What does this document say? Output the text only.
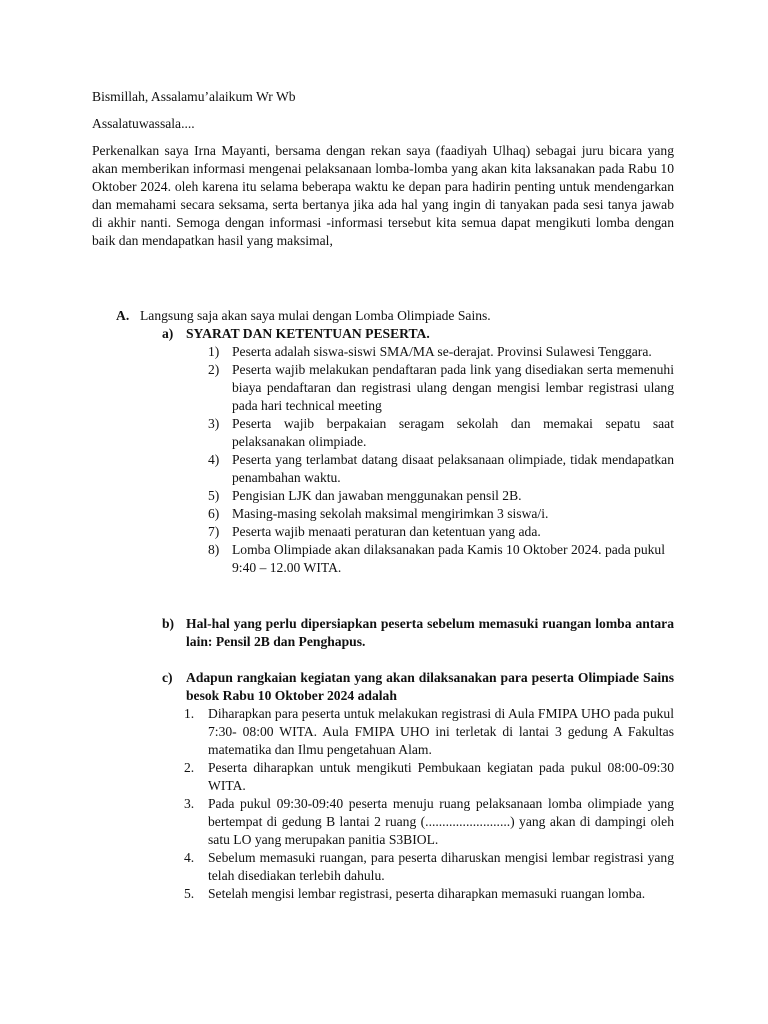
Bismillah, Assalamu’alaikum Wr Wb

Assalatuwassala....

Perkenalkan saya Irna Mayanti, bersama dengan rekan saya (faadiyah Ulhaq) sebagai juru bicara yang akan memberikan informasi mengenai pelaksanaan lomba-lomba yang akan kita laksanakan pada Rabu 10 Oktober 2024. oleh karena itu selama beberapa waktu ke depan para hadirin penting untuk mendengarkan dan memahami secara seksama, serta bertanya jika ada hal yang ingin di tanyakan pada sesi tanya jawab di akhir nanti. Semoga dengan informasi -informasi tersebut kita semua dapat mengikuti lomba dengan baik dan mendapatkan hasil yang maksimal,

A. Langsung saja akan saya mulai dengan Lomba Olimpiade Sains.

a) SYARAT DAN KETENTUAN PESERTA.

1) Peserta adalah siswa-siswi SMA/MA se-derajat. Provinsi Sulawesi Tenggara.
2) Peserta wajib melakukan pendaftaran pada link yang disediakan serta memenuhi biaya pendaftaran dan registrasi ulang dengan mengisi lembar registrasi ulang pada hari technical meeting
3) Peserta wajib berpakaian seragam sekolah dan memakai sepatu saat pelaksanakan olimpiade.
4) Peserta yang terlambat datang disaat pelaksanaan olimpiade, tidak mendapatkan penambahan waktu.
5) Pengisian LJK dan jawaban menggunakan pensil 2B.
6) Masing-masing sekolah maksimal mengirimkan 3 siswa/i.
7) Peserta wajib menaati peraturan dan ketentuan yang ada.
8) Lomba Olimpiade akan dilaksanakan pada Kamis 10 Oktober 2024. pada pukul 9:40 – 12.00 WITA.

b) Hal-hal yang perlu dipersiapkan peserta sebelum memasuki ruangan lomba antara lain: Pensil 2B dan Penghapus.

c) Adapun rangkaian kegiatan yang akan dilaksanakan para peserta Olimpiade Sains besok Rabu 10 Oktober 2024 adalah

1. Diharapkan para peserta untuk melakukan registrasi di Aula FMIPA UHO pada pukul 7:30- 08:00 WITA. Aula FMIPA UHO ini terletak di lantai 3 gedung A Fakultas matematika dan Ilmu pengetahuan Alam.
2. Peserta diharapkan untuk mengikuti Pembukaan kegiatan pada pukul 08:00-09:30 WITA.
3. Pada pukul 09:30-09:40 peserta menuju ruang pelaksanaan lomba olimpiade yang bertempat di gedung B lantai 2 ruang (.........................) yang akan di dampingi oleh satu LO yang merupakan panitia S3BIOL.
4. Sebelum memasuki ruangan, para peserta diharuskan mengisi lembar registrasi yang telah disediakan terlebih dahulu.
5. Setelah mengisi lembar registrasi, peserta diharapkan memasuki ruangan lomba.
